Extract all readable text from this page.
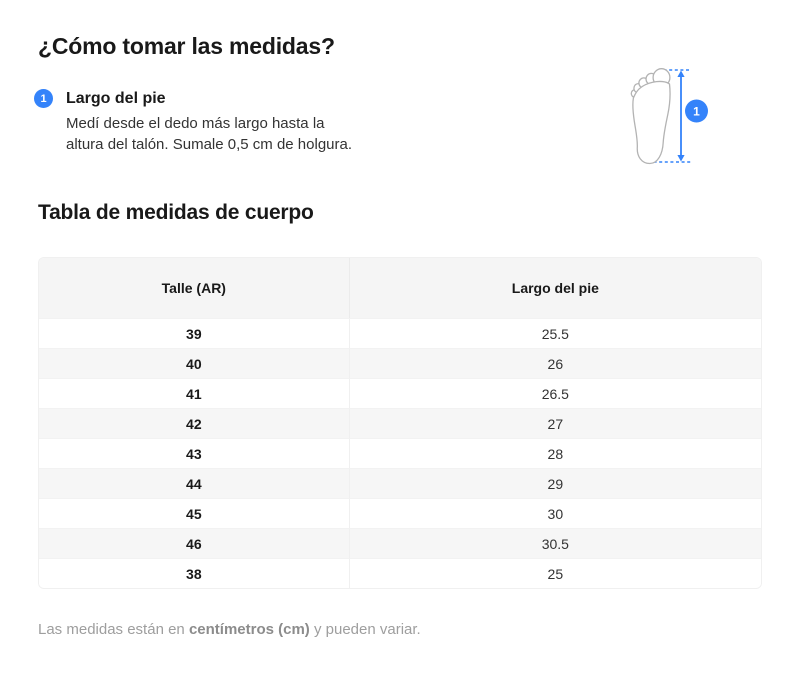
¿Cómo tomar las medidas?
1	Largo del pie

Medí desde el dedo más largo hasta la
altura del talón. Sumale 0,5 cm de holgura.

1
Tabla de medidas de cuerpo
Talle (AR)	Largo del pie
39	25.5
40	26
41	26.5
42	27
43	28
44	29
45	30
46	30.5
38	25

Las medidas están en centímetros (cm) y pueden variar.
